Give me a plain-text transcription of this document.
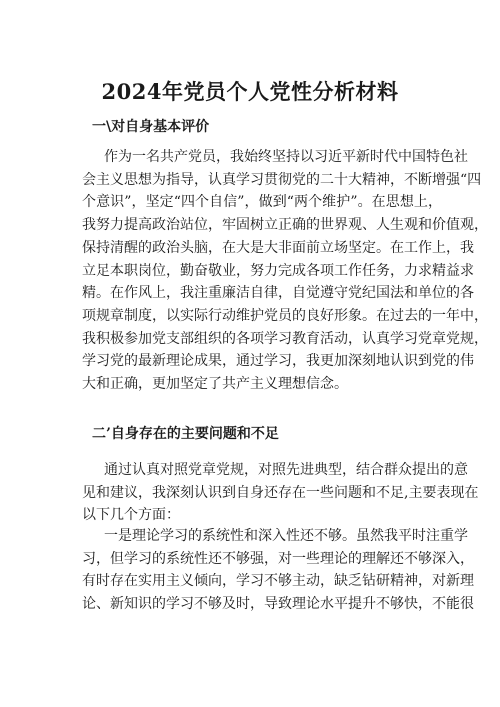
2024年党员个人党性分析材料
一\对自身基本评价
作为一名共产党员，我始终坚持以习近平新时代中国特色社
会主义思想为指导，认真学习贯彻党的二十大精神，不断增强“四
个意识”，坚定“四个自信”，做到“两个维护”。在思想上，
我努力提高政治站位，牢固树立正确的世界观、人生观和价值观，
保持清醒的政治头脑，在大是大非面前立场坚定。在工作上，我
立足本职岗位，勤奋敬业，努力完成各项工作任务，力求精益求
精。在作风上，我注重廉洁自律，自觉遵守党纪国法和单位的各
项规章制度，以实际行动维护党员的良好形象。在过去的一年中，
我积极参加党支部组织的各项学习教育活动，认真学习党章党规，
学习党的最新理论成果，通过学习，我更加深刻地认识到党的伟
大和正确，更加坚定了共产主义理想信念。
二’自身存在的主要问题和不足
通过认真对照党章党规，对照先进典型，结合群众提出的意
见和建议，我深刻认识到自身还存在一些问题和不足,主要表现在
以下几个方面：
一是理论学习的系统性和深入性还不够。虽然我平时注重学
习，但学习的系统性还不够强，对一些理论的理解还不够深入，
有时存在实用主义倾向，学习不够主动，缺乏钻研精神，对新理
论、新知识的学习不够及时，导致理论水平提升不够快，不能很
